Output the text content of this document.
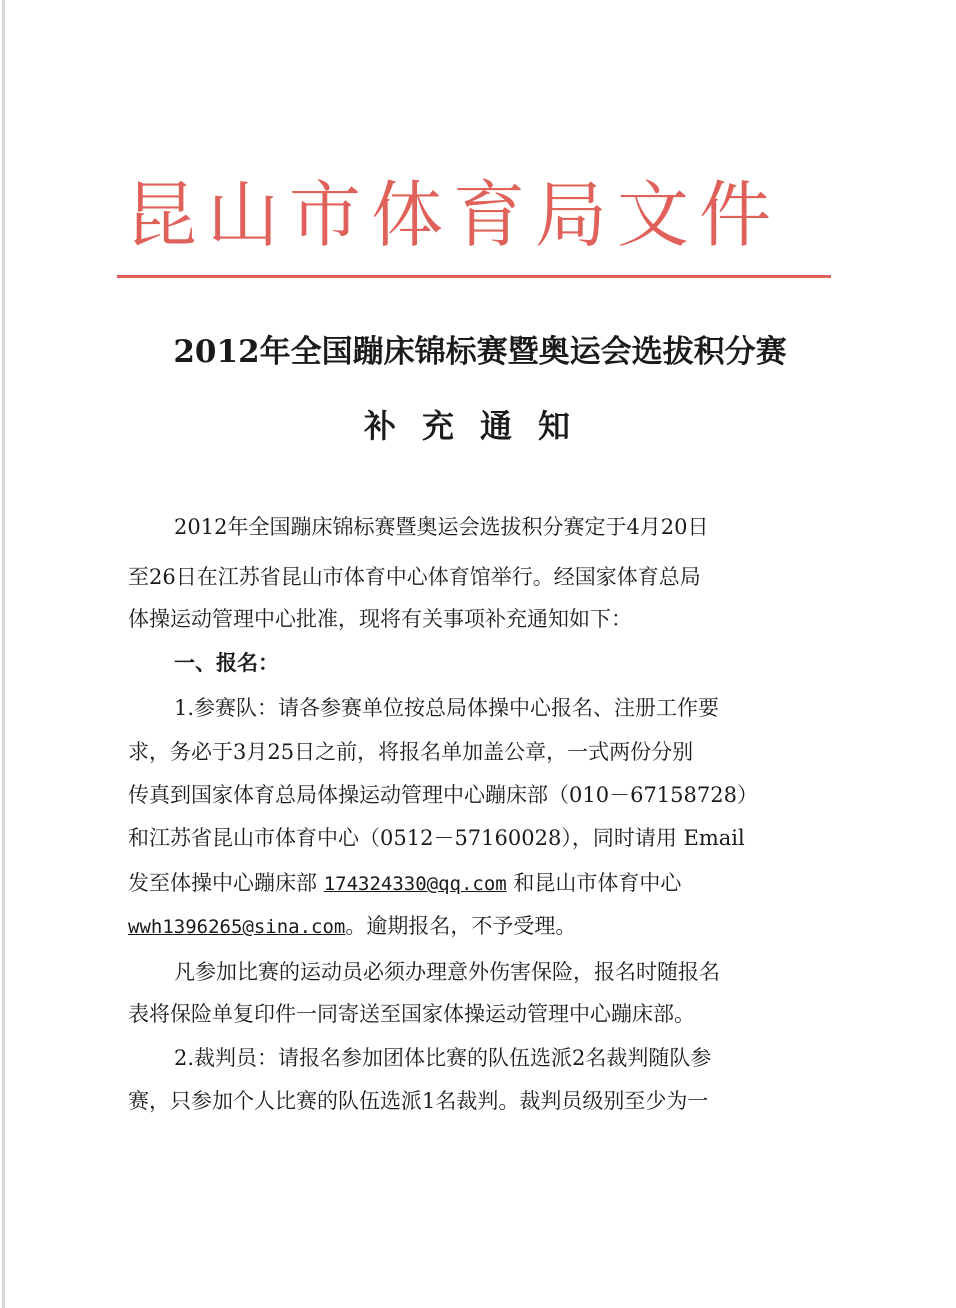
昆山市体育局文件
2012年全国蹦床锦标赛暨奥运会选拔积分赛
补充通知
2012年全国蹦床锦标赛暨奥运会选拔积分赛定于4月20日
至26日在江苏省昆山市体育中心体育馆举行。经国家体育总局
体操运动管理中心批准，现将有关事项补充通知如下：
一、报名：
1.参赛队：请各参赛单位按总局体操中心报名、注册工作要
求，务必于3月25日之前，将报名单加盖公章，一式两份分别
传真到国家体育总局体操运动管理中心蹦床部（010－67158728）
和江苏省昆山市体育中心（0512－57160028），同时请用 Email
发至体操中心蹦床部 174324330@qq.com 和昆山市体育中心
wwh1396265@sina.com。逾期报名，不予受理。
凡参加比赛的运动员必须办理意外伤害保险，报名时随报名
表将保险单复印件一同寄送至国家体操运动管理中心蹦床部。
2.裁判员：请报名参加团体比赛的队伍选派2名裁判随队参
赛，只参加个人比赛的队伍选派1名裁判。裁判员级别至少为一
